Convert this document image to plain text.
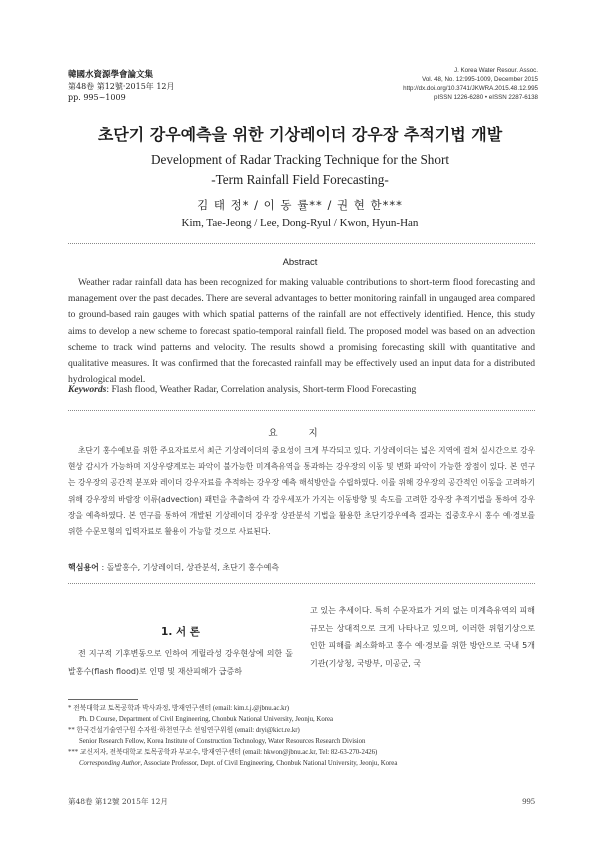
韓國水資源學會論文集
第48卷 第12號·2015年 12月
pp. 995~1009
J. Korea Water Resour. Assoc.
Vol. 48, No. 12:995-1009, December 2015
http://dx.doi.org/10.3741/JKWRA.2015.48.12.995
pISSN 1226-6280 • eISSN 2287-6138
초단기 강우예측을 위한 기상레이더 강우장 추적기법 개발
Development of Radar Tracking Technique for the Short
-Term Rainfall Field Forecasting-
김 태 정* / 이 동 률** / 권 현 한***
Kim, Tae-Jeong / Lee, Dong-Ryul / Kwon, Hyun-Han
Abstract

Weather radar rainfall data has been recognized for making valuable contributions to short-term flood forecasting and management over the past decades. There are several advantages to better monitoring rainfall in ungauged area compared to ground-based rain gauges with which spatial patterns of the rainfall are not effectively identified. Hence, this study aims to develop a new scheme to forecast spatio-temporal rainfall field. The proposed model was based on an advection scheme to track wind patterns and velocity. The results showd a promising forecasting skill with quantitative and qualitative measures. It was confirmed that the forecasted rainfall may be effectively used an input data for a distributed hydrological model.

Keywords: Flash flood, Weather Radar, Correlation analysis, Short-term Flood Forecasting
요 지

초단기 홍수예보를 위한 주요자료로서 최근 기상레이더의 중요성이 크게 부각되고 있다. 기상레이더는 넓은 지역에 걸쳐 실시간으로 강우현상 감시가 가능하며 지상우량계로는 파악이 불가능한 미계측유역을 통과하는 강우장의 이동 및 변화 파악이 가능한 장점이 있다. 본 연구는 강우장의 공간적 분포와 레이더 강우자료를 추적하는 강우장 예측 해석방안을 수립하였다. 이를 위해 강우장의 공간적인 이동을 고려하기 위해 강우장의 바람장 이류(advection) 패턴을 추출하여 각 강우세포가 가지는 이동방향 및 속도를 고려한 강우장 추적기법을 통하여 강우장을 예측하였다. 본 연구를 통하여 개발된 기상레이더 강우장 상관분석 기법을 활용한 초단기강우예측 결과는 집중호우시 홍수 예·경보를 위한 수문모형의 입력자료로 활용이 가능할 것으로 사료된다.

핵심용어 : 돌발홍수, 기상레이더, 상관분석, 초단기 홍수예측
1. 서 론

전 지구적 기후변동으로 인하여 게릴라성 강우현상에 의한 돌발홍수(flash flood)로 인명 및 재산피해가 급증하

고 있는 추세이다. 특히 수문자료가 거의 없는 미계측유역의 피해규모는 상대적으로 크게 나타나고 있으며, 이러한 위험기상으로 인한 피해를 최소화하고 홍수 예·경보를 위한 방안으로 국내 5개 기관(기상청, 국방부, 미공군, 국

* 전북대학교 토목공학과 박사과정, 방재연구센터 (email: kim.t.j.@jbnu.ac.kr)
Ph. D Course, Department of Civil Engineering, Chonbuk National University, Jeonju, Korea
** 한국건설기술연구원 수자원·하천연구소 선임연구위원 (email: dryi@kict.re.kr)
Senior Research Fellow, Korea Institute of Construction Technology, Water Resources Research Division
*** 교신저자, 전북대학교 토목공학과 부교수, 방재연구센터 (email: hkwon@jbnu.ac.kr, Tel: 82-63-270-2426)
Corresponding Author, Associate Professor, Dept. of Civil Engineering, Chonbuk National University, Jeonju, Korea
第48卷 第12號 2015年 12月	995
